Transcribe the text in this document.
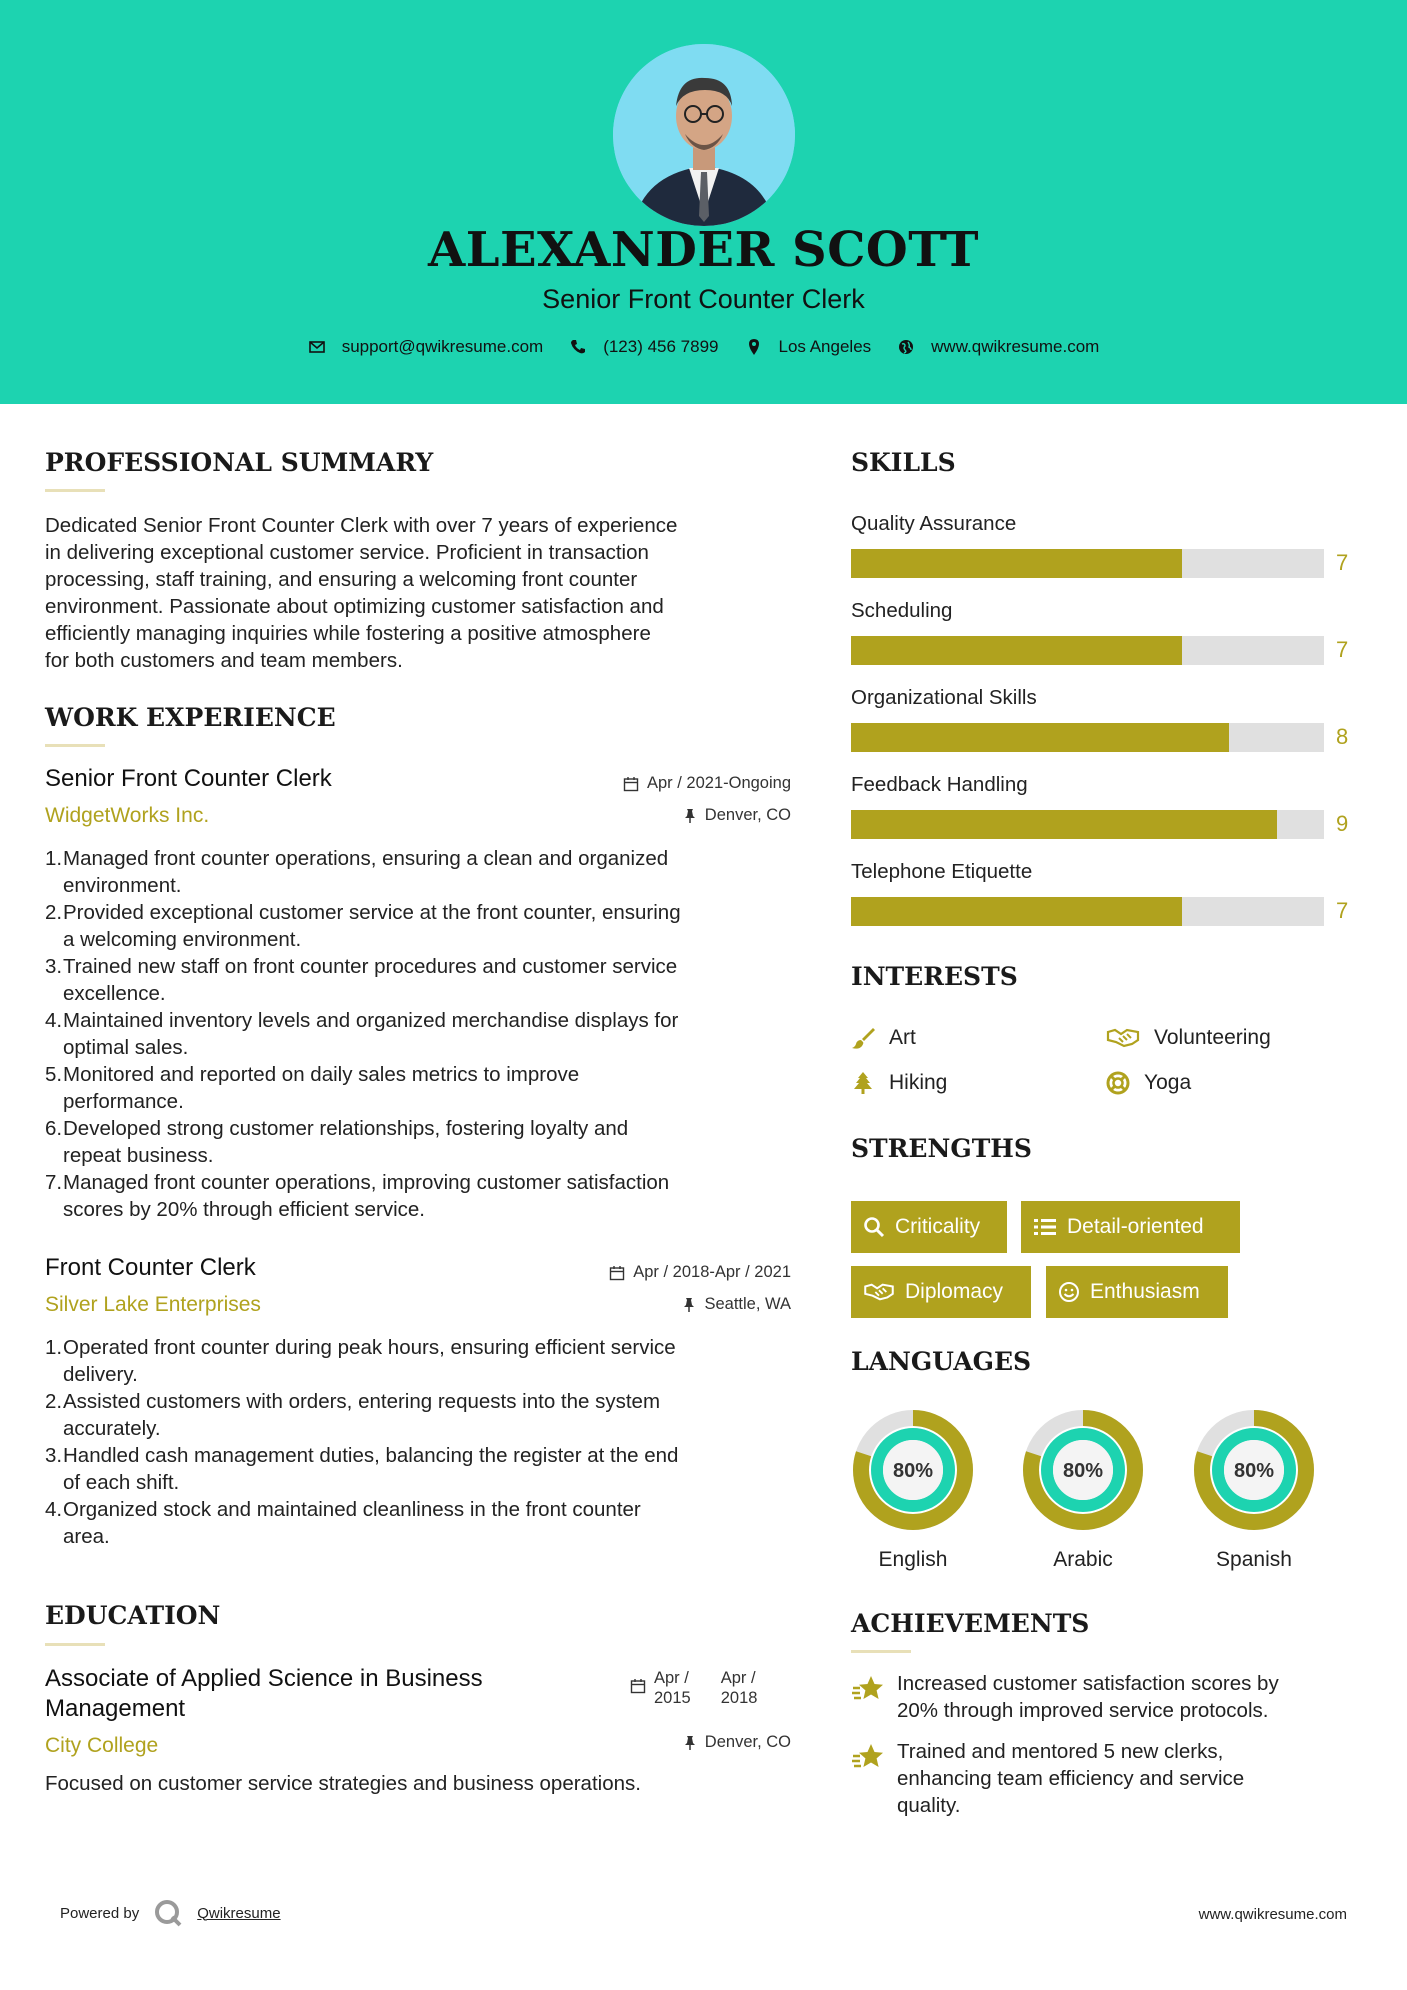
ALEXANDER SCOTT
Senior Front Counter Clerk
support@qwikresume.com	(123) 456 7899	Los Angeles	www.qwikresume.com
PROFESSIONAL SUMMARY
Dedicated Senior Front Counter Clerk with over 7 years of experience
in delivering exceptional customer service. Proficient in transaction
processing, staff training, and ensuring a welcoming front counter
environment. Passionate about optimizing customer satisfaction and
efficiently managing inquiries while fostering a positive atmosphere
for both customers and team members.
WORK EXPERIENCE
Senior Front Counter Clerk
WidgetWorks Inc.
Apr / 2021-Ongoing
Denver, CO
1. Managed front counter operations, ensuring a clean and organized
environment.
2. Provided exceptional customer service at the front counter, ensuring
a welcoming environment.
3. Trained new staff on front counter procedures and customer service
excellence.
4. Maintained inventory levels and organized merchandise displays for
optimal sales.
5. Monitored and reported on daily sales metrics to improve
performance.
6. Developed strong customer relationships, fostering loyalty and
repeat business.
7. Managed front counter operations, improving customer satisfaction
scores by 20% through efficient service.
Front Counter Clerk
Silver Lake Enterprises
Apr / 2018-Apr / 2021
Seattle, WA
1. Operated front counter during peak hours, ensuring efficient service
delivery.
2. Assisted customers with orders, entering requests into the system
accurately.
3. Handled cash management duties, balancing the register at the end
of each shift.
4. Organized stock and maintained cleanliness in the front counter
area.
EDUCATION
Associate of Applied Science in Business
Management
City College
Apr /
2015
Apr /
2018
Denver, CO
Focused on customer service strategies and business operations.
SKILLS
Quality Assurance
7
Scheduling
7
Organizational Skills
8
Feedback Handling
9
Telephone Etiquette
7
INTERESTS
Art	Volunteering
Hiking	Yoga
STRENGTHS
Criticality	Detail-oriented
Diplomacy	Enthusiasm
LANGUAGES
80%
English
80%
Arabic
80%
Spanish
ACHIEVEMENTS
Increased customer satisfaction scores by
20% through improved service protocols.
Trained and mentored 5 new clerks,
enhancing team efficiency and service
quality.
Powered by	Qwikresume	www.qwikresume.com
